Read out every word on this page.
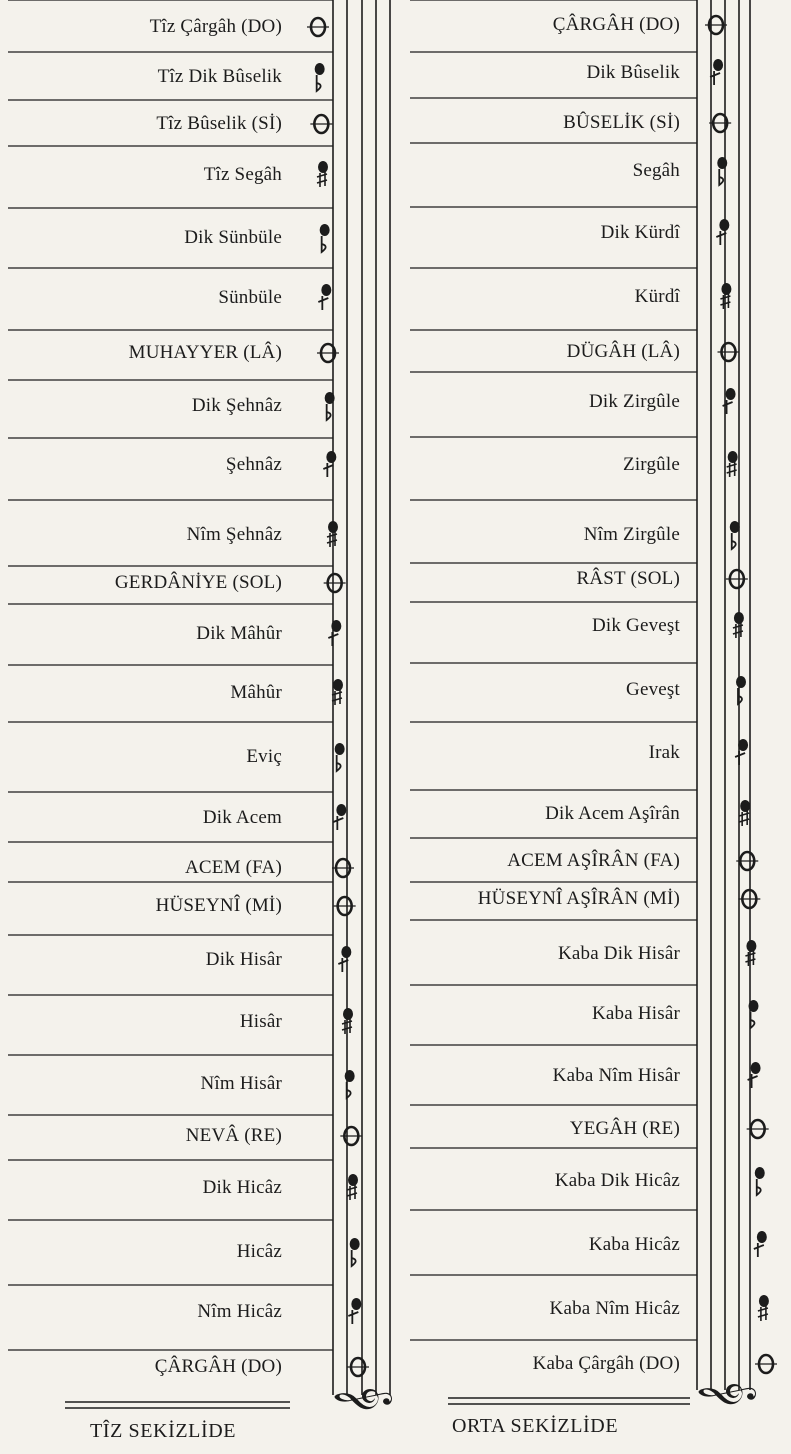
𝄞	𝄞
Tîz Çârgâh (DO)
Tîz Dik Bûselik
Tîz Bûselik (Sİ)
Tîz Segâh
Dik Sünbüle
Sünbüle
MUHAYYER (LÂ)
Dik Şehnâz
Şehnâz
Nîm Şehnâz
GERDÂNİYE (SOL)
Dik Mâhûr
Mâhûr
Eviç
Dik Acem
ACEM (FA)
HÜSEYNÎ (Mİ)
Dik Hisâr
Hisâr
Nîm Hisâr
NEVÂ (RE)
Dik Hicâz
Hicâz
Nîm Hicâz
ÇÂRGÂH (DO)
ÇÂRGÂH (DO)
Dik Bûselik
BÛSELİK (Sİ)
Segâh
Dik Kürdî
Kürdî
DÜGÂH (LÂ)
Dik Zirgûle
Zirgûle
Nîm Zirgûle
RÂST (SOL)
Dik Geveşt
Geveşt
Irak
Dik Acem Aşîrân
ACEM AŞÎRÂN (FA)
HÜSEYNÎ AŞÎRÂN (Mİ)
Kaba Dik Hisâr
Kaba Hisâr
Kaba Nîm Hisâr
YEGÂH (RE)
Kaba Dik Hicâz
Kaba Hicâz
Kaba Nîm Hicâz
Kaba Çârgâh (DO)
TÎZ SEKİZLİDE	ORTA SEKİZLİDE
